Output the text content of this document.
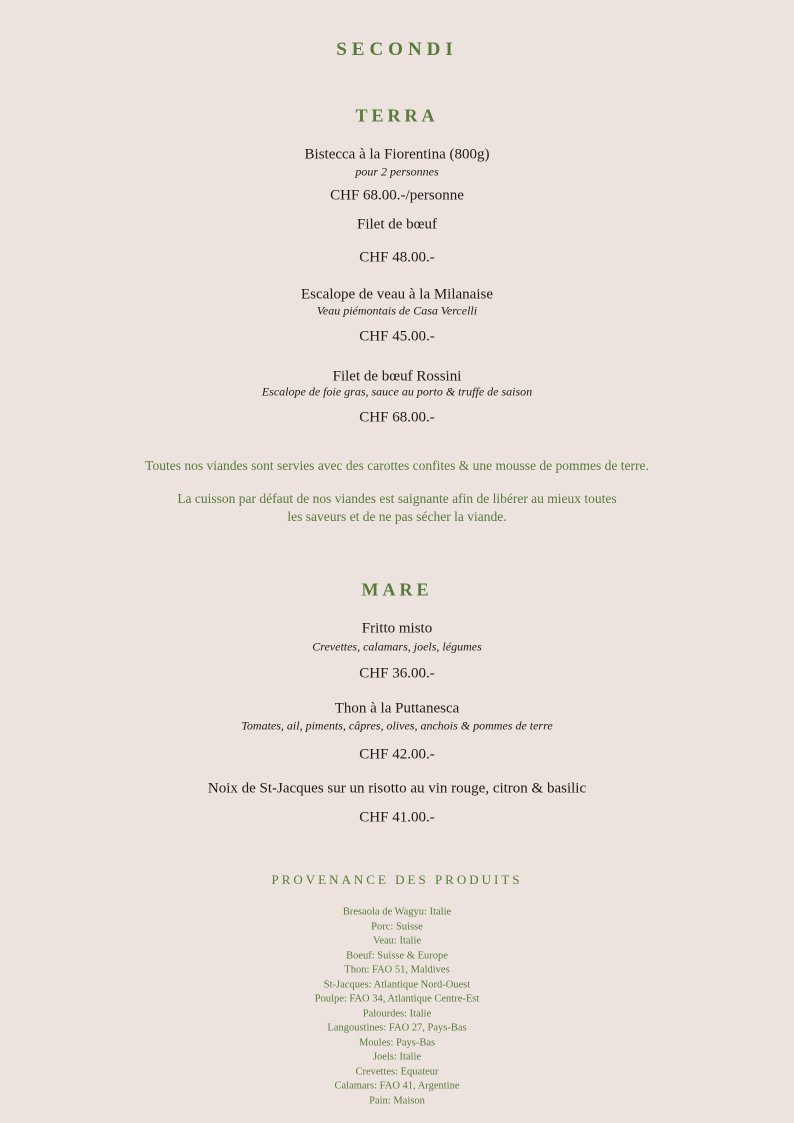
SECONDI
TERRA
Bistecca à la Fiorentina (800g)
pour 2 personnes
CHF 68.00.-/personne
Filet de bœuf
CHF 48.00.-
Escalope de veau à la Milanaise
Veau piémontais de Casa Vercelli
CHF 45.00.-
Filet de bœuf Rossini
Escalope de foie gras, sauce au porto & truffe de saison
CHF 68.00.-
Toutes nos viandes sont servies avec des carottes confites & une mousse de pommes de terre.
La cuisson par défaut de nos viandes est saignante afin de libérer au mieux toutes
les saveurs et de ne pas sécher la viande.
MARE
Fritto misto
Crevettes, calamars, joels, légumes
CHF 36.00.-
Thon à la Puttanesca
Tomates, ail, piments, câpres, olives, anchois & pommes de terre
CHF 42.00.-
Noix de St-Jacques sur un risotto au vin rouge, citron & basilic
CHF 41.00.-
PROVENANCE DES PRODUITS
Bresaola de Wagyu: Italie
Porc: Suisse
Veau: Italie
Boeuf: Suisse & Europe
Thon: FAO 51, Maldives
St-Jacques: Atlantique Nord-Ouest
Poulpe: FAO 34, Atlantique Centre-Est
Palourdes: Italie
Langoustines: FAO 27, Pays-Bas
Moules: Pays-Bas
Joels: Italie
Crevettes: Equateur
Calamars: FAO 41, Argentine
Pain: Maison
